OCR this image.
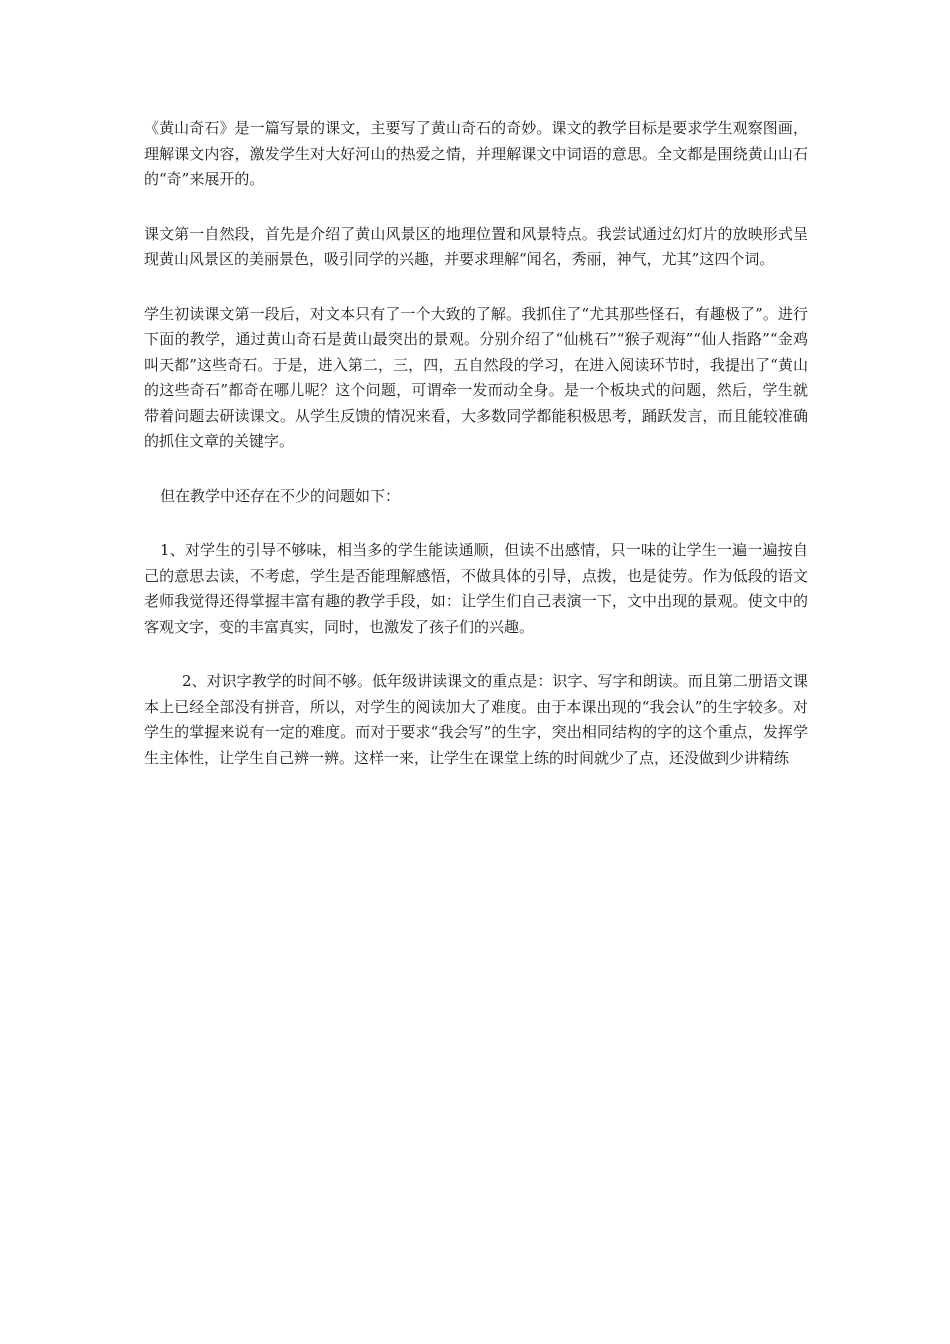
《黄山奇石》是一篇写景的课文，主要写了黄山奇石的奇妙。课文的教学目标是要求学生观察图画，理解课文内容，激发学生对大好河山的热爱之情，并理解课文中词语的意思。全文都是围绕黄山山石的“奇”来展开的。

课文第一自然段，首先是介绍了黄山风景区的地理位置和风景特点。我尝试通过幻灯片的放映形式呈现黄山风景区的美丽景色，吸引同学的兴趣，并要求理解“闻名，秀丽，神气，尤其”这四个词。

学生初读课文第一段后，对文本只有了一个大致的了解。我抓住了“尤其那些怪石，有趣极了”。进行下面的教学，通过黄山奇石是黄山最突出的景观。分别介绍了“仙桃石”“猴子观海”“仙人指路”“金鸡叫天都”这些奇石。于是，进入第二，三，四，五自然段的学习，在进入阅读环节时，我提出了“黄山的这些奇石”都奇在哪儿呢？这个问题，可谓牵一发而动全身。是一个板块式的问题，然后，学生就带着问题去研读课文。从学生反馈的情况来看，大多数同学都能积极思考，踊跃发言，而且能较准确的抓住文章的关键字。

但在教学中还存在不少的问题如下：

1、对学生的引导不够味，相当多的学生能读通顺，但读不出感情，只一味的让学生一遍一遍按自己的意思去读，不考虑，学生是否能理解感悟，不做具体的引导，点拨，也是徒劳。作为低段的语文老师我觉得还得掌握丰富有趣的教学手段，如：让学生们自己表演一下，文中出现的景观。使文中的客观文字，变的丰富真实，同时，也激发了孩子们的兴趣。

2、对识字教学的时间不够。低年级讲读课文的重点是：识字、写字和朗读。而且第二册语文课本上已经全部没有拼音，所以，对学生的阅读加大了难度。由于本课出现的“我会认”的生字较多。对学生的掌握来说有一定的难度。而对于要求“我会写”的生字，突出相同结构的字的这个重点，发挥学生主体性，让学生自己辨一辨。这样一来，让学生在课堂上练的时间就少了点，还没做到少讲精练
